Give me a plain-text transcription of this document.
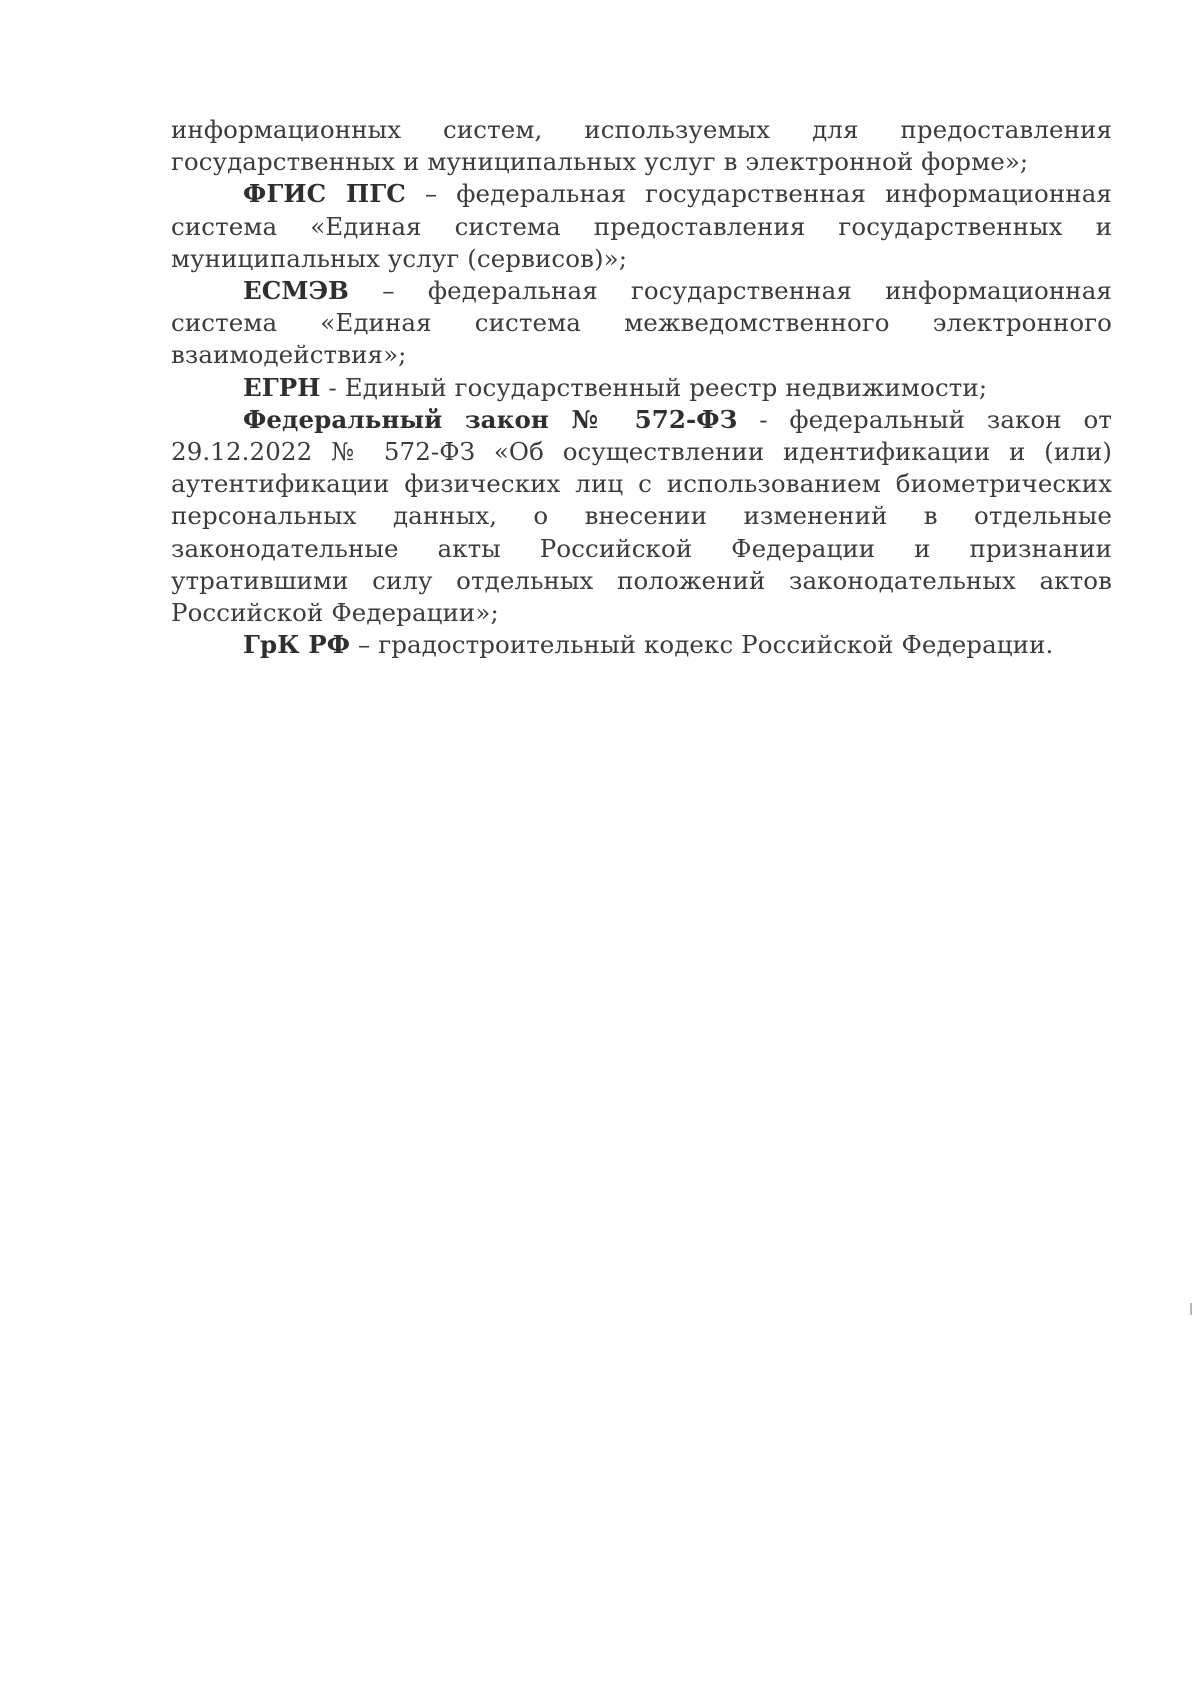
информационных систем, используемых для предоставления государственных и муниципальных услуг в электронной форме»;

ФГИС ПГС – федеральная государственная информационная система «Единая система предоставления государственных и муниципальных услуг (сервисов)»;

ЕСМЭВ – федеральная государственная информационная система «Единая система межведомственного электронного взаимодействия»;

ЕГРН - Единый государственный реестр недвижимости;

Федеральный закон № 572-ФЗ - федеральный закон от 29.12.2022 № 572-ФЗ «Об осуществлении идентификации и (или) аутентификации физических лиц с использованием биометрических персональных данных, о внесении изменений в отдельные законодательные акты Российской Федерации и признании утратившими силу отдельных положений законодательных актов Российской Федерации»;

ГрК РФ – градостроительный кодекс Российской Федерации.
